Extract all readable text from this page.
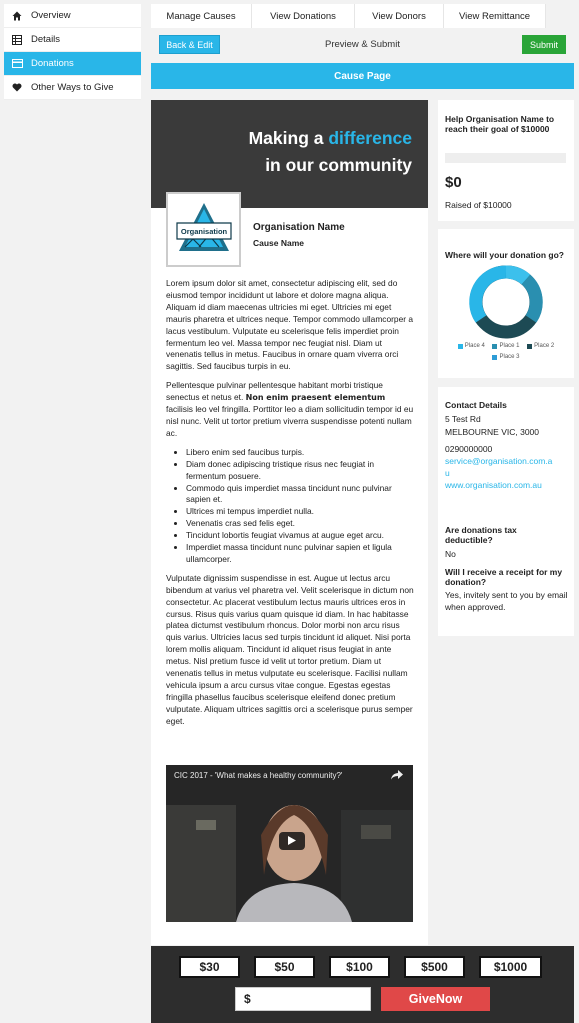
Overview
Details
Donations
Other Ways to Give
Manage Causes	View Donations	View Donors	View Remittance
Back & Edit	Preview & Submit	Submit
Cause Page
Making a difference
in our community
Organisation	Organisation Name
Cause Name

Lorem ipsum dolor sit amet, consectetur adipiscing elit, sed do eiusmod tempor incididunt ut labore et dolore magna aliqua. Aliquam id diam maecenas ultricies mi eget. Ultricies mi eget mauris pharetra et ultrices neque. Tempor commodo ullamcorper a lacus vestibulum. Vulputate eu scelerisque felis imperdiet proin fermentum leo vel. Massa tempor nec feugiat nisl. Diam ut venenatis tellus in metus. Faucibus in ornare quam viverra orci sagittis. Sed faucibus turpis in eu.

Pellentesque pulvinar pellentesque habitant morbi tristique senectus et netus et. Non enim praesent elementum facilisis leo vel fringilla. Porttitor leo a diam sollicitudin tempor id eu nisl nunc. Velit ut tortor pretium viverra suspendisse potenti nullam ac.

• Libero enim sed faucibus turpis.
• Diam donec adipiscing tristique risus nec feugiat in fermentum posuere.
• Commodo quis imperdiet massa tincidunt nunc pulvinar sapien et.
• Ultrices mi tempus imperdiet nulla.
• Venenatis cras sed felis eget.
• Tincidunt lobortis feugiat vivamus at augue eget arcu.
• Imperdiet massa tincidunt nunc pulvinar sapien et ligula ullamcorper.

Vulputate dignissim suspendisse in est. Augue ut lectus arcu bibendum at varius vel pharetra vel. Velit scelerisque in dictum non consectetur. Ac placerat vestibulum lectus mauris ultrices eros in cursus. Risus quis varius quam quisque id diam. In hac habitasse platea dictumst vestibulum rhoncus. Dolor morbi non arcu risus quis varius. Ultricies lacus sed turpis tincidunt id aliquet. Nisi porta lorem mollis aliquam. Tincidunt id aliquet risus feugiat in ante metus. Nisl pretium fusce id velit ut tortor pretium. Diam ut venenatis tellus in metus vulputate eu scelerisque. Facilisi nullam vehicula ipsum a arcu cursus vitae congue. Egestas egestas fringilla phasellus faucibus scelerisque eleifend donec pretium vulputate. Aliquam ultrices sagittis orci a scelerisque purus semper eget.

CIC 2017 - 'What makes a healthy community?'
Help Organisation Name to reach their goal of $10000
$0
Raised of $10000
Where will your donation go?
Place 4
Place 1
Place 2
Place 3
Contact Details
5 Test Rd
MELBOURNE VIC, 3000
0290000000
service@organisation.com.a
u
www.organisation.com.au
Are donations tax deductible?
No
Will I receive a receipt for my donation?
Yes, invitely sent to you by email when approved.
$30	$50	$100	$500	$1000
$	GiveNow
